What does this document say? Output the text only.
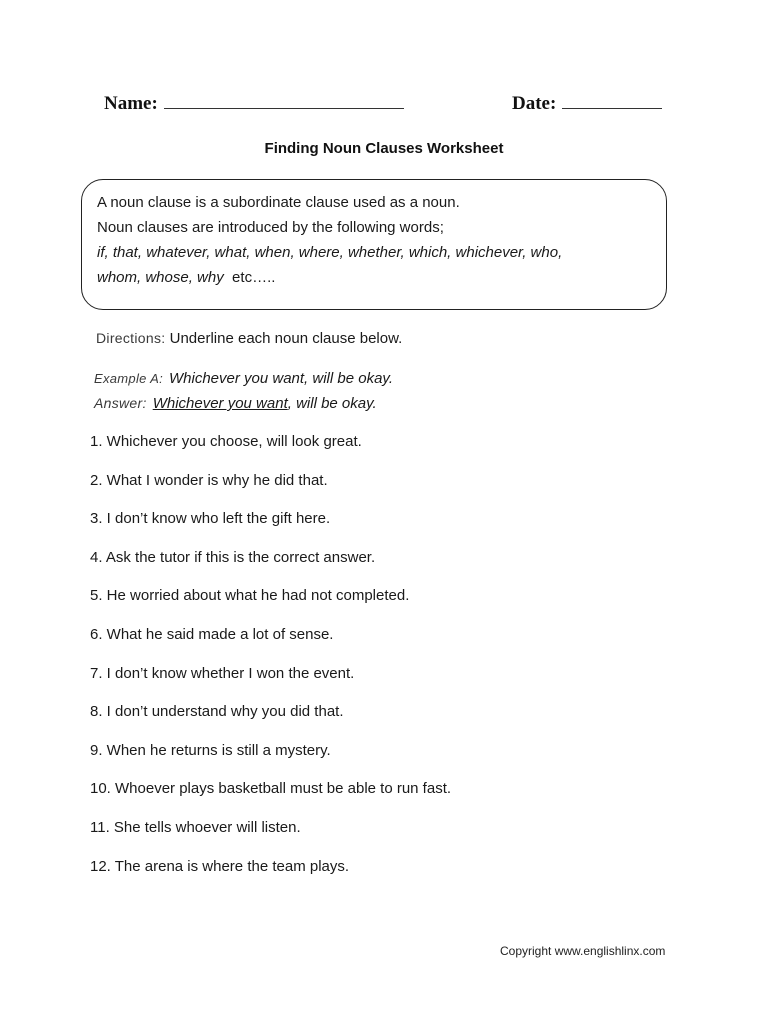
Name:	Date:
Finding Noun Clauses Worksheet
A noun clause is a subordinate clause used as a noun.
Noun clauses are introduced by the following words;
if, that, whatever, what, when, where, whether, which, whichever, who,
whom, whose, why  etc…..
Directions: Underline each noun clause below.
Example A: Whichever you want, will be okay.
Answer: Whichever you want, will be okay.
1. Whichever you choose, will look great.
2. What I wonder is why he did that.
3. I don’t know who left the gift here.
4. Ask the tutor if this is the correct answer.
5. He worried about what he had not completed.
6. What he said made a lot of sense.
7. I don’t know whether I won the event.
8. I don’t understand why you did that.
9. When he returns is still a mystery.
10. Whoever plays basketball must be able to run fast.
11. She tells whoever will listen.
12. The arena is where the team plays.
Copyright www.englishlinx.com
